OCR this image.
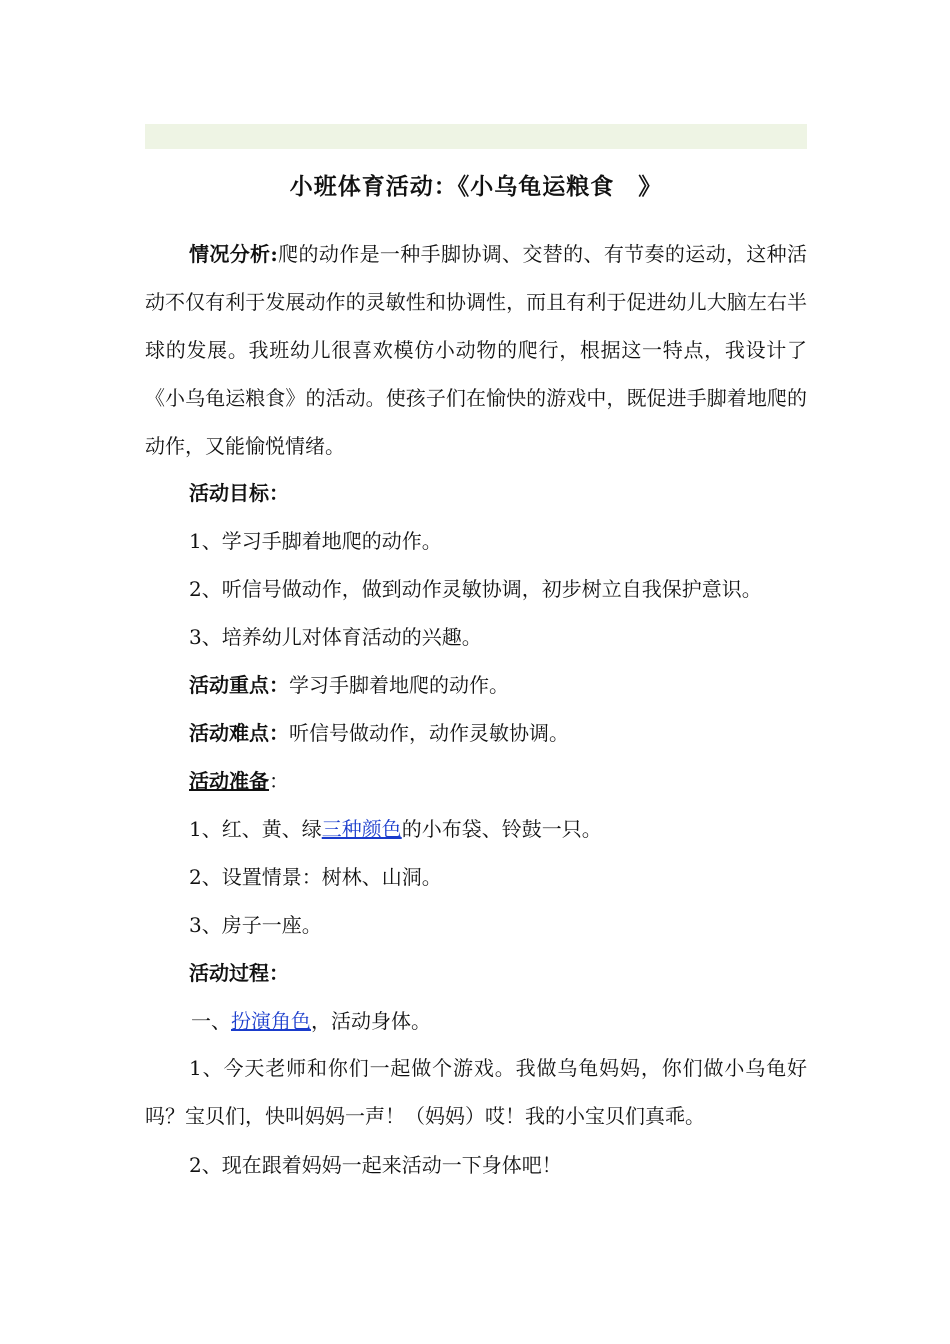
小班体育活动：《小乌龟运粮食　》
情况分析:爬的动作是一种手脚协调、交替的、有节奏的运动，这种活动不仅有利于发展动作的灵敏性和协调性，而且有利于促进幼儿大脑左右半球的发展。我班幼儿很喜欢模仿小动物的爬行，根据这一特点，我设计了《小乌龟运粮食》的活动。使孩子们在愉快的游戏中，既促进手脚着地爬的动作，又能愉悦情绪。
活动目标：
1、学习手脚着地爬的动作。
2、听信号做动作，做到动作灵敏协调，初步树立自我保护意识。
3、培养幼儿对体育活动的兴趣。
活动重点：学习手脚着地爬的动作。
活动难点：听信号做动作，动作灵敏协调。
活动准备：
1、红、黄、绿三种颜色的小布袋、铃鼓一只。
2、设置情景：树林、山洞。
3、房子一座。
活动过程：
一、扮演角色，活动身体。
1、今天老师和你们一起做个游戏。我做乌龟妈妈，你们做小乌龟好吗？宝贝们，快叫妈妈一声！（妈妈）哎！我的小宝贝们真乖。
2、现在跟着妈妈一起来活动一下身体吧！
